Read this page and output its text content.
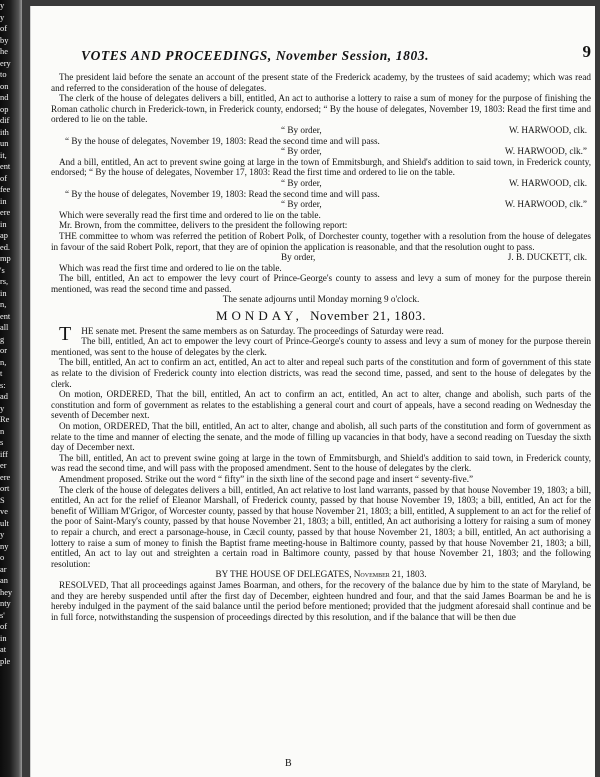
y
y
of
by
he
ery
to
on
nd
op
dif
ith
un
it,
ent
of
fee
in
ere
in
ap
ed.
mp
's
rs,
in
n,
ent
all
g
or
n,
t
s:
ad
y
Re
n
s
iff
er
ere
ort
S
ve
ult
y
ny
o
ar
an
hey
nty
s'
of
in
at
ple
VOTES AND PROCEEDINGS, November Session, 1803.	9

The president laid before the senate an account of the present state of the Frederick academy, by the trustees of said academy; which was read and referred to the consideration of the house of delegates.

The clerk of the house of delegates delivers a bill, entitled, An act to authorise a lottery to raise a sum of money for the purpose of finishing the Roman catholic church in Frederick-town, in Frederick county, endorsed; “ By the house of delegates, November 19, 1803: Read the first time and ordered to lie on the table.

“ By order,	W. HARWOOD, clk.

“ By the house of delegates, November 19, 1803: Read the second time and will pass.

“ By order,	W. HARWOOD, clk.”

And a bill, entitled, An act to prevent swine going at large in the town of Emmitsburgh, and Shield's addition to said town, in Frederick county, endorsed; “ By the house of delegates, November 17, 1803: Read the first time and ordered to lie on the table.

“ By order,	W. HARWOOD, clk.

“ By the house of delegates, November 19, 1803: Read the second time and will pass.

“ By order,	W. HARWOOD, clk.”

Which were severally read the first time and ordered to lie on the table.

Mr. Brown, from the committee, delivers to the president the following report:

THE committee to whom was referred the petition of Robert Polk, of Dorchester county, together with a resolution from the house of delegates in favour of the said Robert Polk, report, that they are of opinion the application is reasonable, and that the resolution ought to pass.

By order,	J. B. DUCKETT, clk.

Which was read the first time and ordered to lie on the table.

The bill, entitled, An act to empower the levy court of Prince-George's county to assess and levy a sum of money for the purpose therein mentioned, was read the second time and passed.

The senate adjourns until Monday morning 9 o'clock.

MONDAY, November 21, 1803.

THE senate met. Present the same members as on Saturday. The proceedings of Saturday were read.

The bill, entitled, An act to empower the levy court of Prince-George's county to assess and levy a sum of money for the purpose therein mentioned, was sent to the house of delegates by the clerk.

The bill, entitled, An act to confirm an act, entitled, An act to alter and repeal such parts of the constitution and form of government of this state as relate to the division of Frederick county into election districts, was read the second time, passed, and sent to the house of delegates by the clerk.

On motion, ORDERED, That the bill, entitled, An act to confirm an act, entitled, An act to alter, change and abolish, such parts of the constitution and form of government as relates to the establishing a general court and court of appeals, have a second reading on Wednesday the seventh of December next.

On motion, ORDERED, That the bill, entitled, An act to alter, change and abolish, all such parts of the constitution and form of government as relate to the time and manner of electing the senate, and the mode of filling up vacancies in that body, have a second reading on Tuesday the sixth day of December next.

The bill, entitled, An act to prevent swine going at large in the town of Emmitsburgh, and Shield's addition to said town, in Frederick county, was read the second time, and will pass with the proposed amendment. Sent to the house of delegates by the clerk.

Amendment proposed. Strike out the word “ fifty” in the sixth line of the second page and insert “ seventy-five.”

The clerk of the house of delegates delivers a bill, entitled, An act relative to lost land warrants, passed by that house November 19, 1803; a bill, entitled, An act for the relief of Eleanor Marshall, of Frederick county, passed by that house November 19, 1803; a bill, entitled, An act for the benefit of William M'Grigor, of Worcester county, passed by that house November 21, 1803; a bill, entitled, A supplement to an act for the relief of the poor of Saint-Mary's county, passed by that house November 21, 1803; a bill, entitled, An act authorising a lottery for raising a sum of money to repair a church, and erect a parsonage-house, in Cæcil county, passed by that house November 21, 1803; a bill, entitled, An act authorising a lottery to raise a sum of money to finish the Baptist frame meeting-house in Baltimore county, passed by that house November 21, 1803; a bill, entitled, An act to lay out and streighten a certain road in Baltimore county, passed by that house November 21, 1803; and the following resolution:

BY THE HOUSE OF DELEGATES, November 21, 1803.

RESOLVED, That all proceedings against James Boarman, and others, for the recovery of the balance due by him to the state of Maryland, be and they are hereby suspended until after the first day of December, eighteen hundred and four, and that the said James Boarman be and he is hereby indulged in the payment of the said balance until the period before mentioned; provided that the judgment aforesaid shall continue and be in full force, notwithstanding the suspension of proceedings directed by this resolution, and if the balance that will be then due

B
